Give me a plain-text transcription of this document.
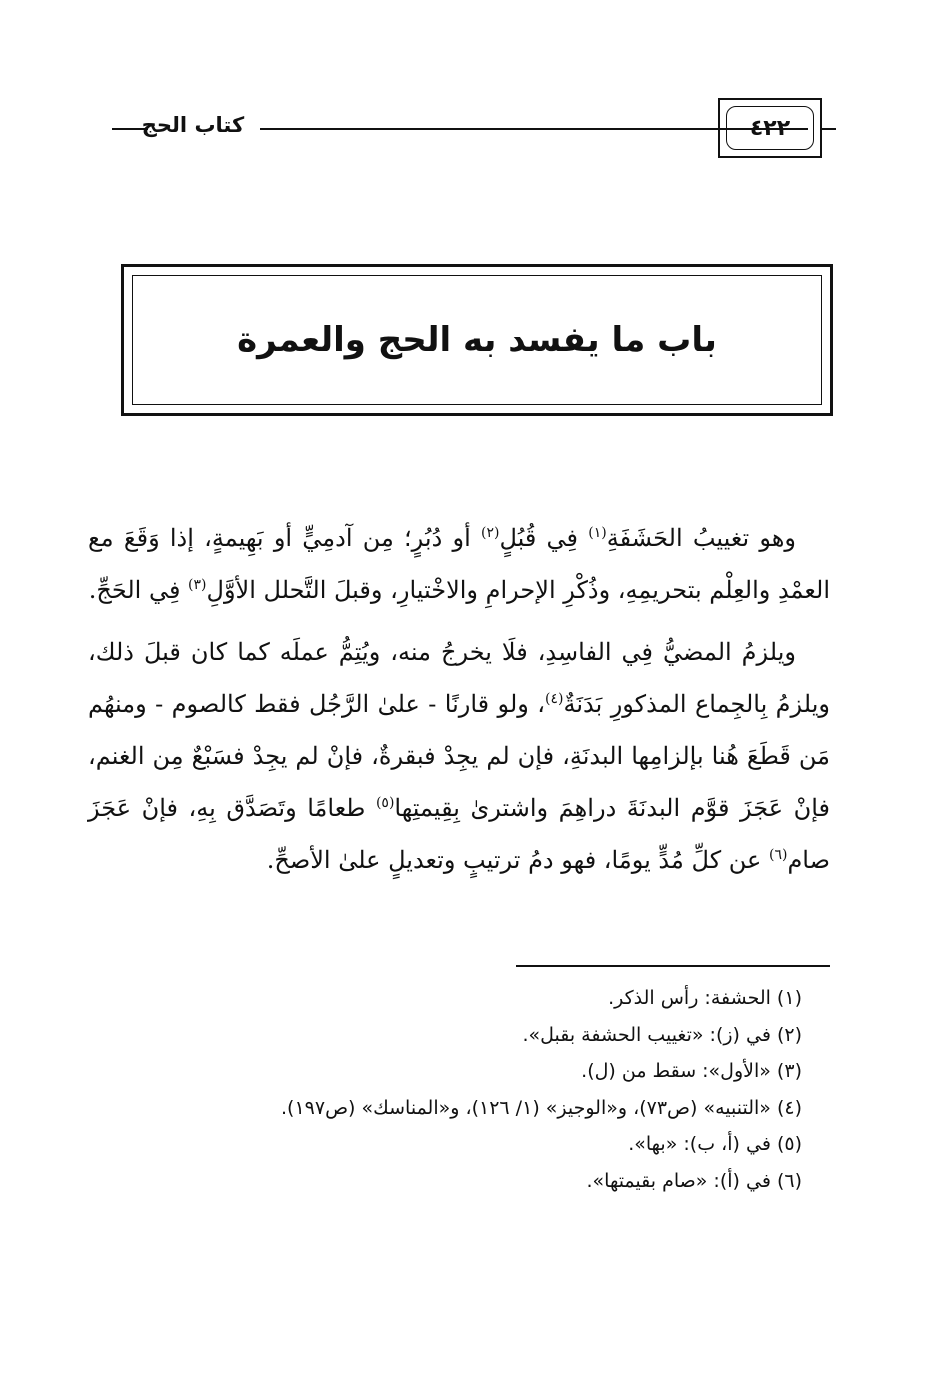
كتاب الحج	٤٢٢
باب ما يفسد به الحج والعمرة

وهو تغييبُ الحَشَفَةِ$^{(١)}$ فِي قُبُلٍ$^{(٢)}$ أو دُبُرٍ؛ مِن آدمِيٍّ أو بَهِيمةٍ، إذا وَقَعَ مع العمْدِ والعِلْم بتحريمِهِ، وذُكْرِ الإحرامِ والاخْتيارِ، وقبلَ التَّحلل الأوَّلِ$^{(٣)}$ فِي الحَجِّ.

ويلزمُ المضيُّ فِي الفاسِدِ، فلَا يخرجُ منه، ويُتِمُّ عملَه كما كان قبلَ ذلك، ويلزمُ بِالجِماع المذكورِ بَدَنَةٌ$^{(٤)}$، ولو قارنًا - علىٰ الرَّجُل فقط كالصوم - ومنهُم مَن قَطَعَ هُنا بإلزامِها البدنَةِ، فإن لم يجِدْ فبقرةٌ، فإنْ لم يجِدْ فسَبْعٌ مِن الغنم، فإنْ عَجَزَ قوَّم البدنَةَ دراهِمَ واشترىٰ بِقِيمتِها$^{(٥)}$ طعامًا وتَصَدَّق بِهِ، فإنْ عَجَزَ صام$^{(٦)}$ عن كلِّ مُدٍّ يومًا، فهو دمُ ترتيبٍ وتعديلٍ علىٰ الأصحِّ.

(١) الحشفة: رأس الذكر.
(٢) في (ز): «تغييب الحشفة بقبل».
(٣) «الأول»: سقط من (ل).
(٤) «التنبيه» (ص٧٣)، و«الوجيز» (١/ ١٢٦)، و«المناسك» (ص١٩٧).
(٥) في (أ، ب): «بها».
(٦) في (أ): «صام بقيمتها».
